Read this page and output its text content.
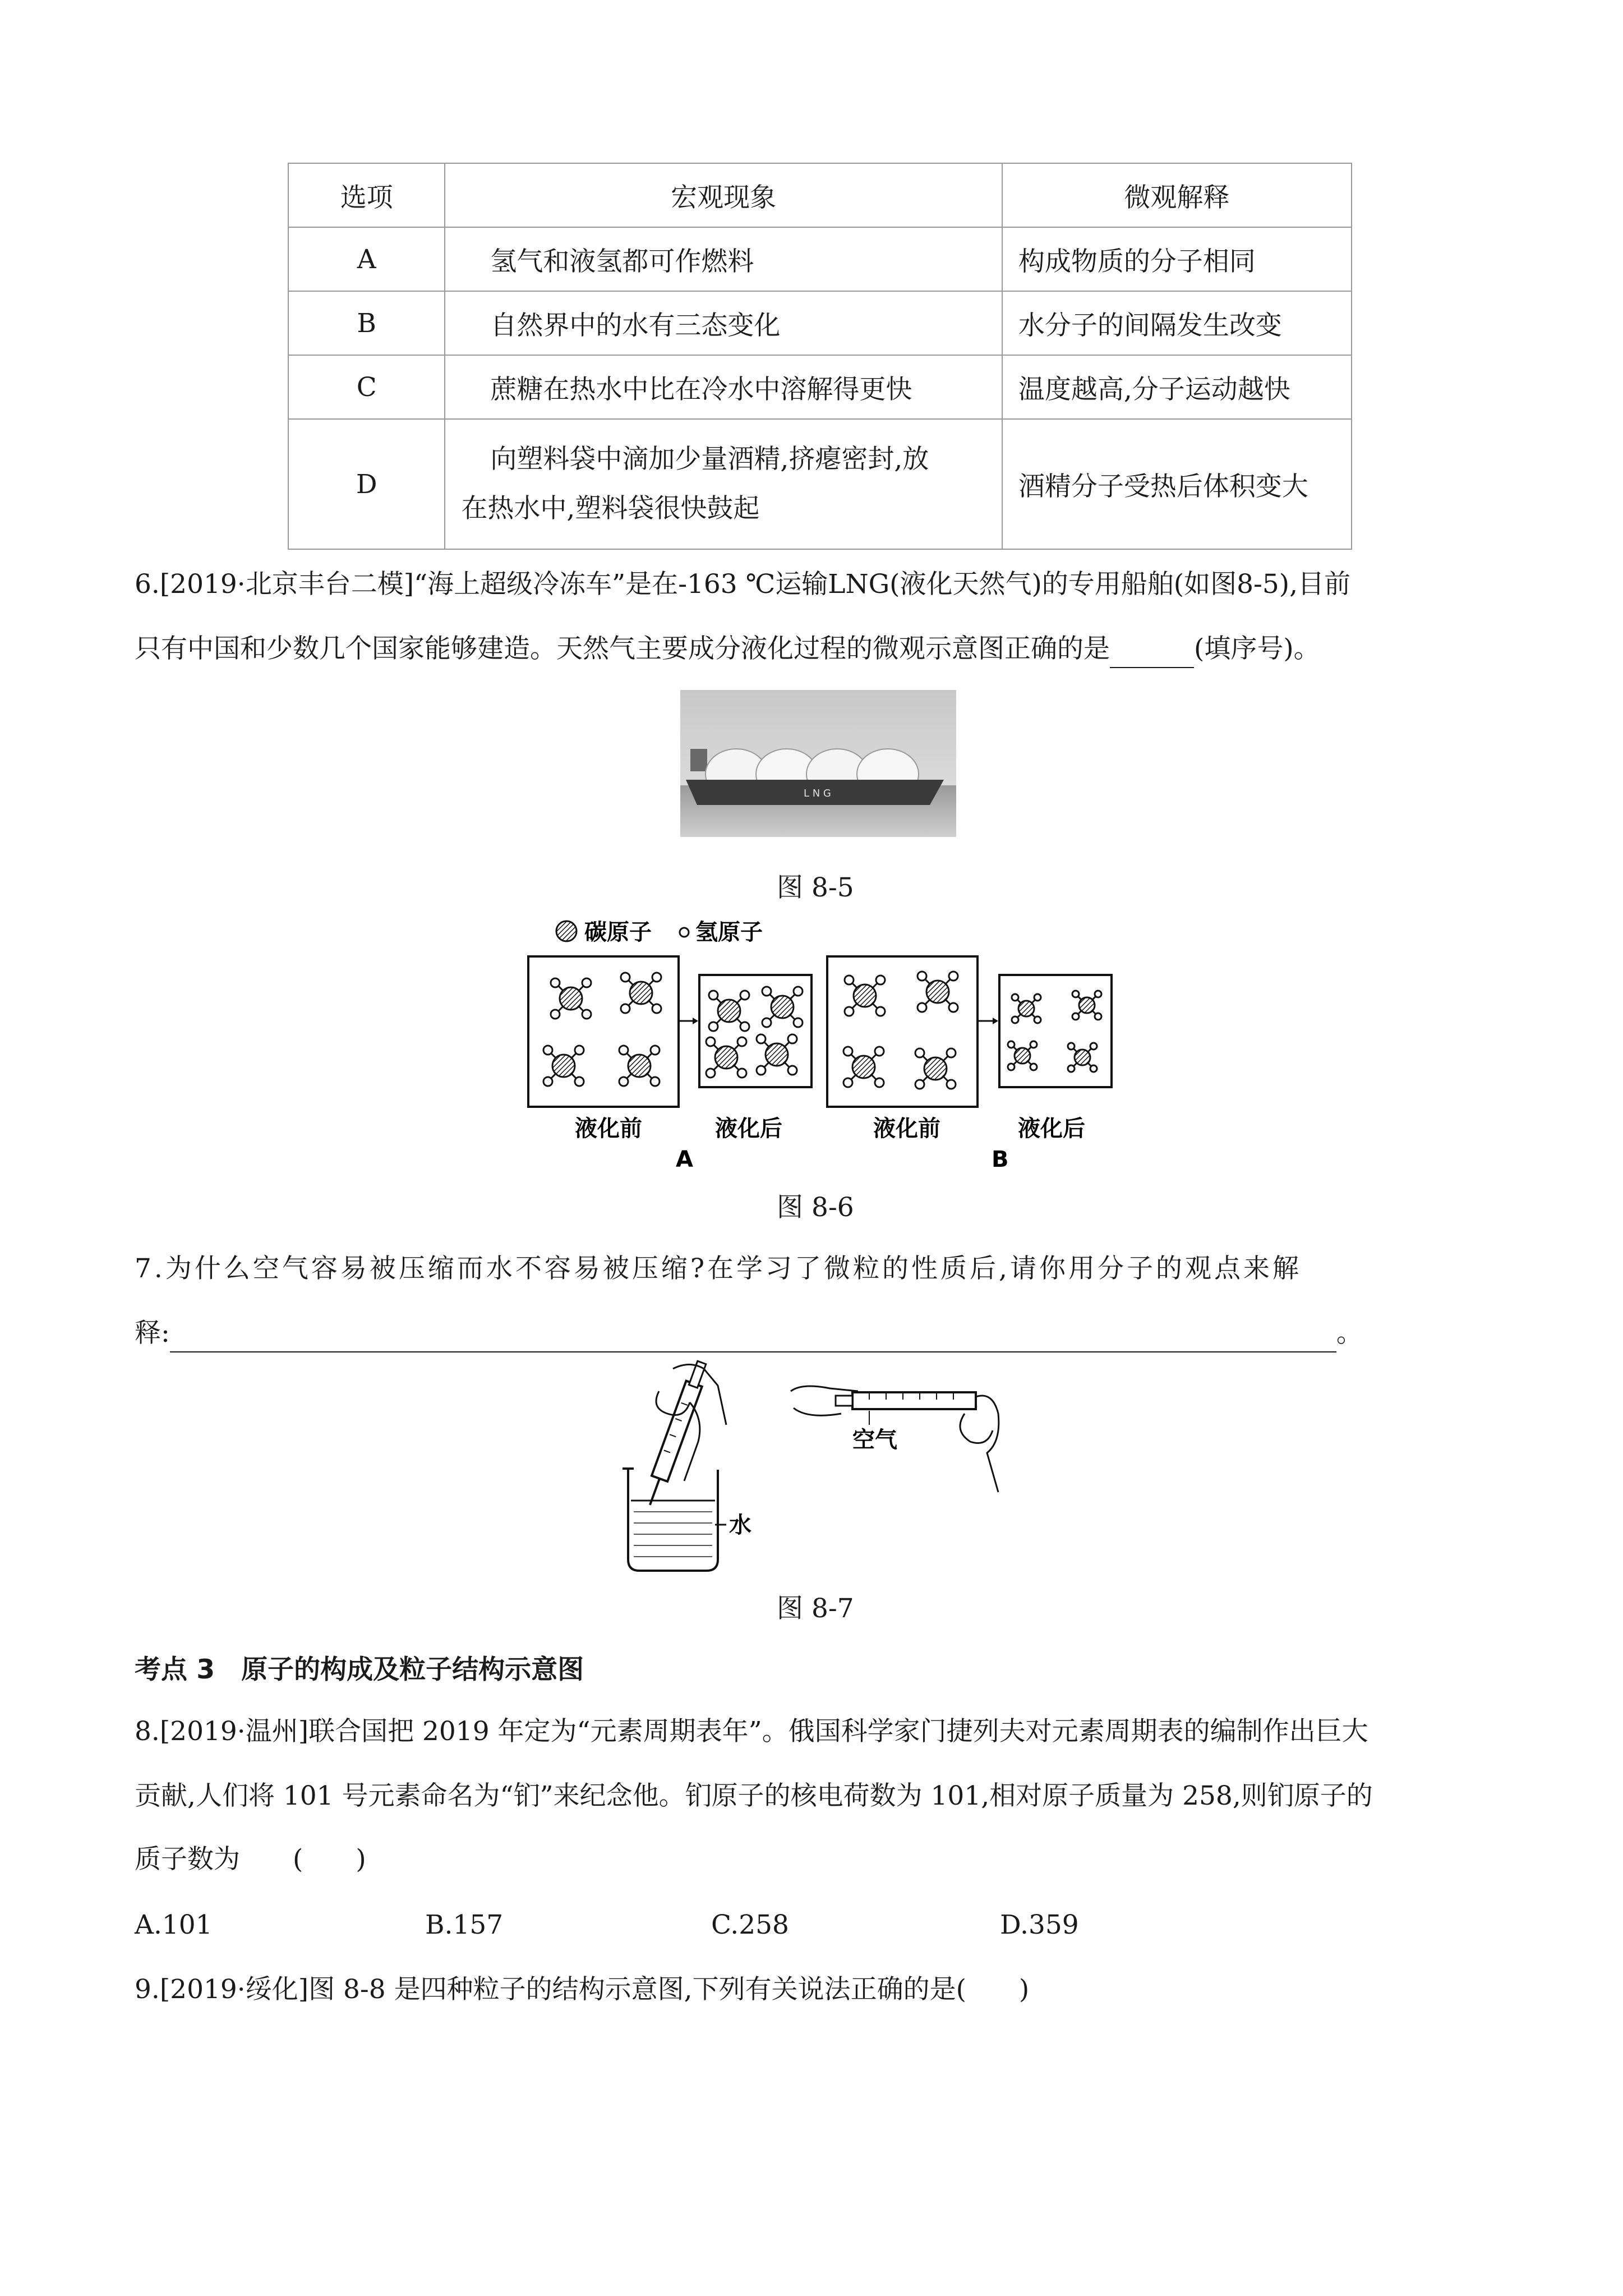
选项	宏观现象	微观解释
A	氢气和液氢都可作燃料	构成物质的分子相同
B	自然界中的水有三态变化	水分子的间隔发生改变
C	蔗糖在热水中比在冷水中溶解得更快	温度越高,分子运动越快
D	向塑料袋中滴加少量酒精,挤瘪密封,放
在热水中,塑料袋很快鼓起	酒精分子受热后体积变大
6.[2019·北京丰台二模]“海上超级冷冻车”是在-163 ℃运输LNG(液化天然气)的专用船舶(如图8-5),目前
只有中国和少数几个国家能够建造。天然气主要成分液化过程的微观示意图正确的是	(填序号)。
L N G
图 8-5
碳原子 氢原子
液化前	液化后	液化前	液化后
A	B
图 8-6
7.为什么空气容易被压缩而水不容易被压缩?在学习了微粒的性质后,请你用分子的观点来解
释:	。
水
空气
图 8-7
考点 3　原子的构成及粒子结构示意图
8.[2019·温州]联合国把 2019 年定为“元素周期表年”。俄国科学家门捷列夫对元素周期表的编制作出巨大
贡献,人们将 101 号元素命名为“钔”来纪念他。钔原子的核电荷数为 101,相对原子质量为 258,则钔原子的
质子数为　　(　　)
A.101	B.157	C.258	D.359
9.[2019·绥化]图 8-8 是四种粒子的结构示意图,下列有关说法正确的是(　　)
